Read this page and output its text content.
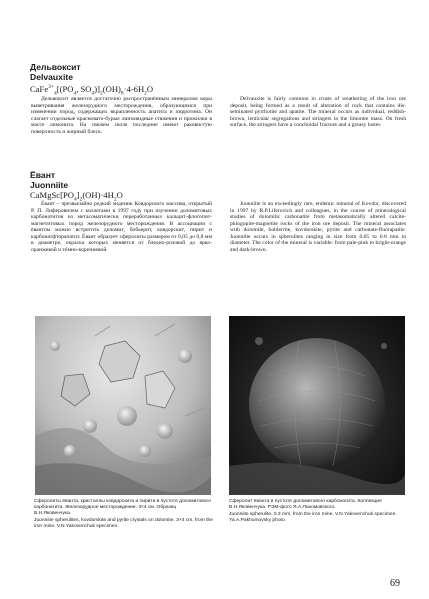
Дельвоксит
Delvauxite
$CaFe^{3+}_4[(PO_4$, $SO_4)]_2(OH)_8\cdot 4-6H_2O$

Дельвоксит является достаточно распространённым минералом коры выветривания железорудного месторождения, образующимся при изменении пород, содержащих вкрапленность апатита и пирротина. Он слагает отдельные красновато-бурые линзовидные стяжения и прожилки в массе лимонита. На свежем сколе последние имеют раковистую поверхность и жирный блеск.

Delvauxite is fairly common in crusts of weathering of the iron ore deposit, being formed as a result of alteration of rock that contains disseminated pyrrhotite and apatite. The mineral occurs as individual, reddish-brown, lenticular segregations and stringers in the limonite mass. On fresh surface, the stringers have a conchoidal fracture and a greasy luster.

Ёвант
Juonniite
$CaMgSc[PO_4]_2(OH)\cdot 4H_2O$

Ёвант – чрезвычайно редкий эндемик Ковдорского массива, открытый Р. П. Лиферовичем с коллегами в 1997 году при изучении доломитовых карбонатитов из метасоматически переработанных кальцит-флогопит-магнетитовых пород железорудного месторождения. В ассоциации с ёвантом можно встретить доломит, бобьерит, ковдорскит, пирит и карбонатфторапатит. Ёвант образует сферолиты размером от 0,05 до 0,8 мм в диаметре, окраска которых меняется от бледно-розовой до яркооранжевой и тёмно-коричневой.

Juonniite is an exceedingly rare, endemic mineral of Kovdor, discovered in 1997 by R.P.Liferovich and colleagues, in the course of mineralogical studies of dolomitic carbonatite from metasomatically altered calcite-phlogopite-magnetite rocks of the iron ore deposit. The mineral associates with dolomite, bobierrite, kovdorskite, pyrite and carbonate-fluorapatite. Juonniite occurs in spherulites ranging in size from 0.05 to 0.8 mm in diameter. The color of the mineral is variable: from pale-pink to bright-orange and dark-brown.

Сферолиты ёванта, кристаллы ковдорскита и пирита в пустоте доломитового карбонатита. Железорудное месторождение. 3×4 см. Образец В.Н.Яковенчука.
Juonniite spherulites, kovdorskite and pyrite crystals on dolomite. 3×4 cm, from the iron mine. V.N.Yakovenchuk specimen.
Сферолит ёванта в пустоте доломитового карбонатита. Коллекция В.Н.Яковенчука. РЭМ-фото Я.А.Пахомовского.
Juonniite spherulite, 0.3 mm, from the iron mine. V.N.Yakovenchuk specimen. Ya.A.Pakhomovsky photo.
69
